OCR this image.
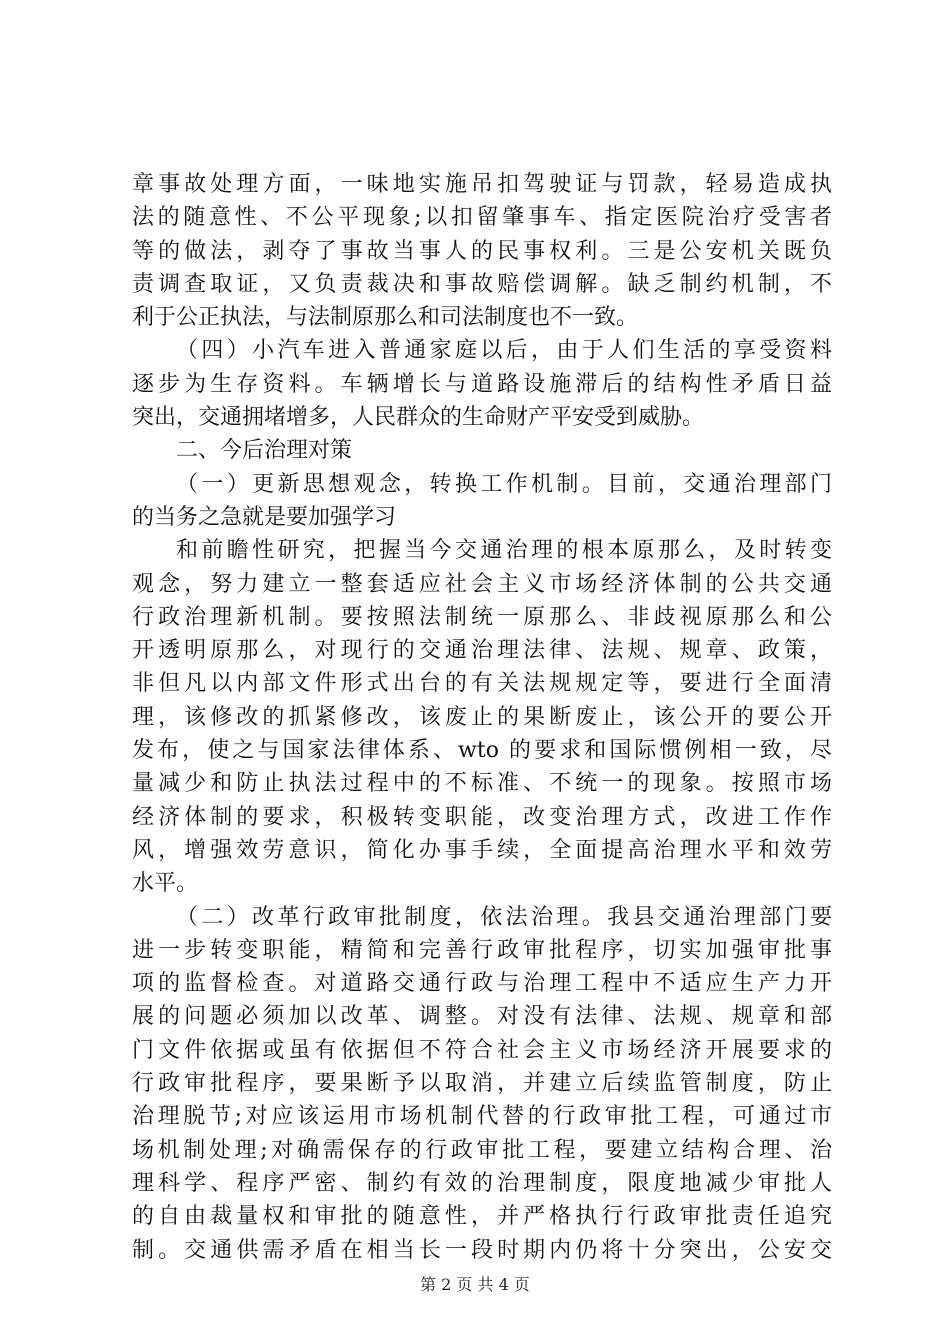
章事故处理方面，一味地实施吊扣驾驶证与罚款，轻易造成执
法的随意性、不公平现象;以扣留肇事车、指定医院治疗受害者
等的做法，剥夺了事故当事人的民事权利。三是公安机关既负
责调查取证，又负责裁决和事故赔偿调解。缺乏制约机制，不
利于公正执法，与法制原那么和司法制度也不一致。
（四）小汽车进入普通家庭以后，由于人们生活的享受资料
逐步为生存资料。车辆增长与道路设施滞后的结构性矛盾日益
突出，交通拥堵增多，人民群众的生命财产平安受到威胁。
二、今后治理对策
（一）更新思想观念，转换工作机制。目前，交通治理部门
的当务之急就是要加强学习
和前瞻性研究，把握当今交通治理的根本原那么，及时转变
观念，努力建立一整套适应社会主义市场经济体制的公共交通
行政治理新机制。要按照法制统一原那么、非歧视原那么和公
开透明原那么，对现行的交通治理法律、法规、规章、政策，
非但凡以内部文件形式出台的有关法规规定等，要进行全面清
理，该修改的抓紧修改，该废止的果断废止，该公开的要公开
发布，使之与国家法律体系、wto 的要求和国际惯例相一致，尽
量减少和防止执法过程中的不标准、不统一的现象。按照市场
经济体制的要求，积极转变职能，改变治理方式，改进工作作
风，增强效劳意识，简化办事手续，全面提高治理水平和效劳
水平。
（二）改革行政审批制度，依法治理。我县交通治理部门要
进一步转变职能，精简和完善行政审批程序，切实加强审批事
项的监督检查。对道路交通行政与治理工程中不适应生产力开
展的问题必须加以改革、调整。对没有法律、法规、规章和部
门文件依据或虽有依据但不符合社会主义市场经济开展要求的
行政审批程序，要果断予以取消，并建立后续监管制度，防止
治理脱节;对应该运用市场机制代替的行政审批工程，可通过市
场机制处理;对确需保存的行政审批工程，要建立结构合理、治
理科学、程序严密、制约有效的治理制度，限度地减少审批人
的自由裁量权和审批的随意性，并严格执行行政审批责任追究
制。交通供需矛盾在相当长一段时期内仍将十分突出，公安交
第 2 页 共 4 页
